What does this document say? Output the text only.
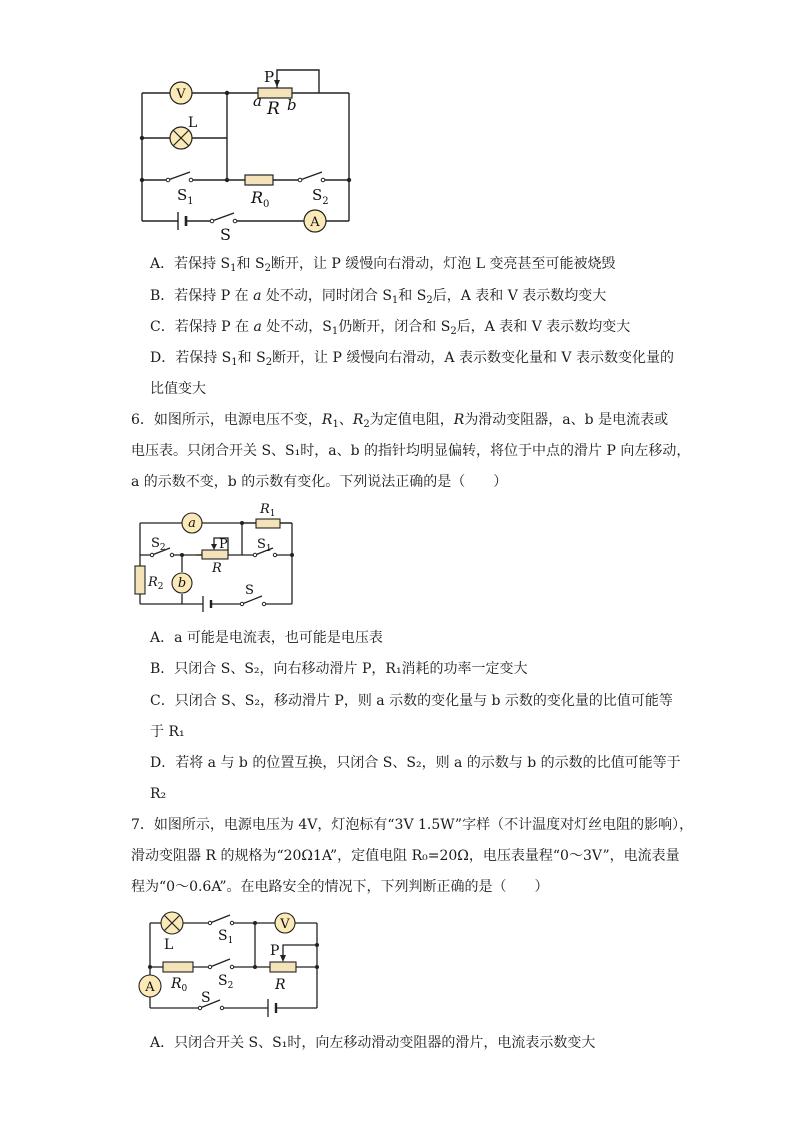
V
L
A
P
a R b
$S_1$	$R_0$
$S_2$
S
A．若保持 $S_1$和 $S_2$断开，让 P 缓慢向右滑动，灯泡 L 变亮甚至可能被烧毁
B．若保持 P 在 a 处不动，同时闭合 $S_1$和 $S_2$后，A 表和 V 表示数均变大
C．若保持 P 在 a 处不动，$S_1$仍断开，闭合和 $S_2$后，A 表和 V 表示数均变大
D．若保持 $S_1$和 $S_2$断开，让 P 缓慢向右滑动，A 表示数变化量和 V 表示数变化量的
比值变大
6．如图所示，电源电压不变，$R_1$、$R_2$为定值电阻，R为滑动变阻器，a、b 是电流表或
电压表。只闭合开关 S、S₁时，a、b 的指针均明显偏转，将位于中点的滑片 P 向左移动，
a 的示数不变，b 的示数有变化。下列说法正确的是（　　）
a
b
$R_1$
$S_2$	P
R
$S_1$
$R_2$	S
A．a 可能是电流表，也可能是电压表
B．只闭合 S、S₂，向右移动滑片 P，R₁消耗的功率一定变大
C．只闭合 S、S₂，移动滑片 P，则 a 示数的变化量与 b 示数的变化量的比值可能等
于 R₁
D．若将 a 与 b 的位置互换，只闭合 S、S₂，则 a 的示数与 b 的示数的比值可能等于
R₂
7．如图所示，电源电压为 4V，灯泡标有“3V 1.5W”字样（不计温度对灯丝电阻的影响），
滑动变阻器 R 的规格为“20Ω1A”，定值电阻 R₀=20Ω，电压表量程“0～3V”，电流表量
程为“0～0.6A”。在电路安全的情况下，下列判断正确的是（　　）
L
V
A
$S_1$
P
$R_0$ $S_2$	R
S
A．只闭合开关 S、S₁时，向左移动滑动变阻器的滑片，电流表示数变大
